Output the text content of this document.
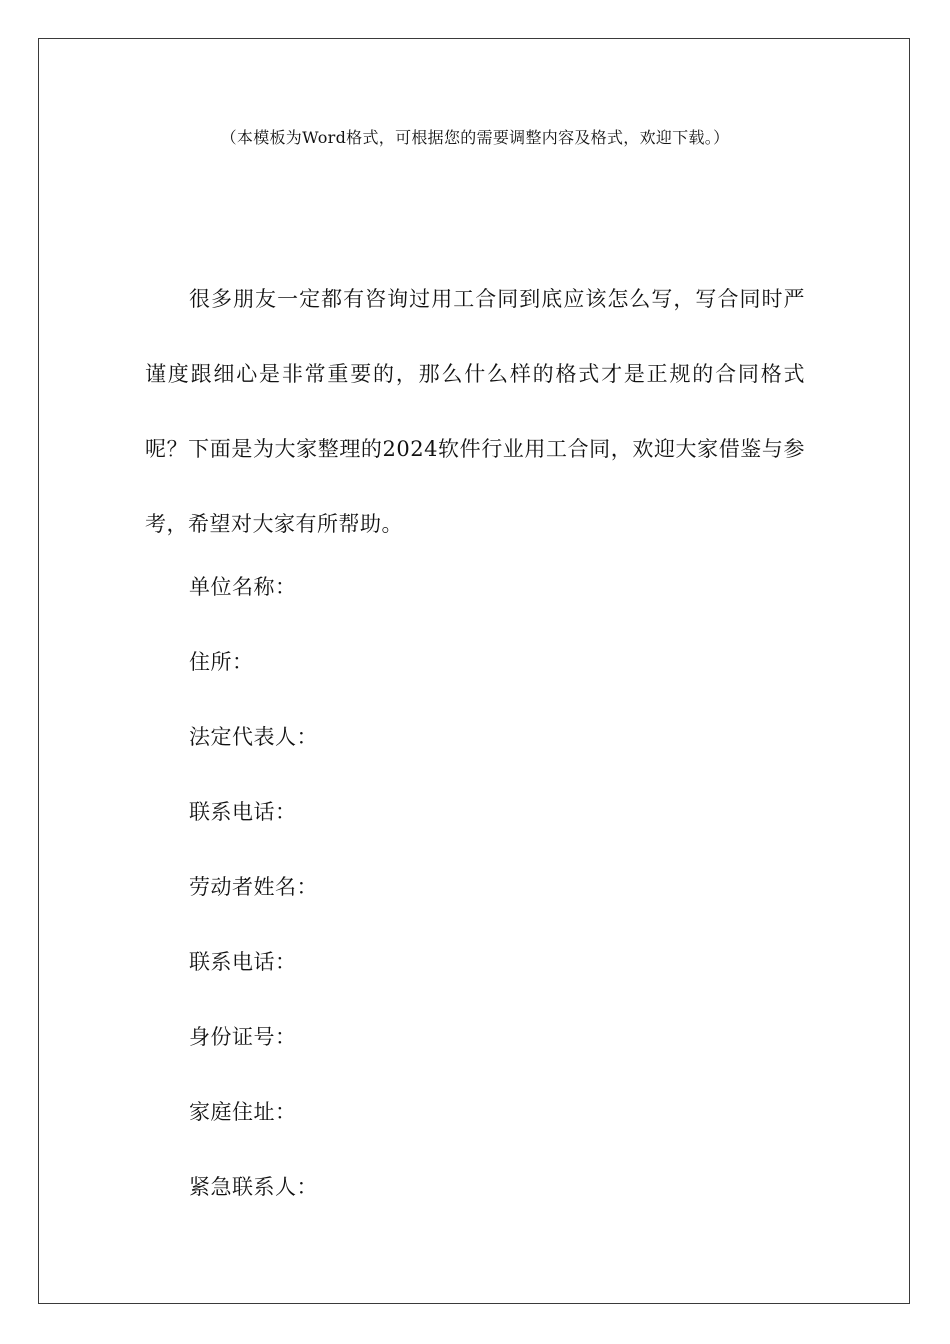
（本模板为Word格式，可根据您的需要调整内容及格式，欢迎下载。）

很多朋友一定都有咨询过用工合同到底应该怎么写，写合同时严谨度跟细心是非常重要的，那么什么样的格式才是正规的合同格式呢？下面是为大家整理的2024软件行业用工合同，欢迎大家借鉴与参考，希望对大家有所帮助。

单位名称：
住所：
法定代表人：
联系电话：
劳动者姓名：
联系电话：
身份证号：
家庭住址：
紧急联系人：
